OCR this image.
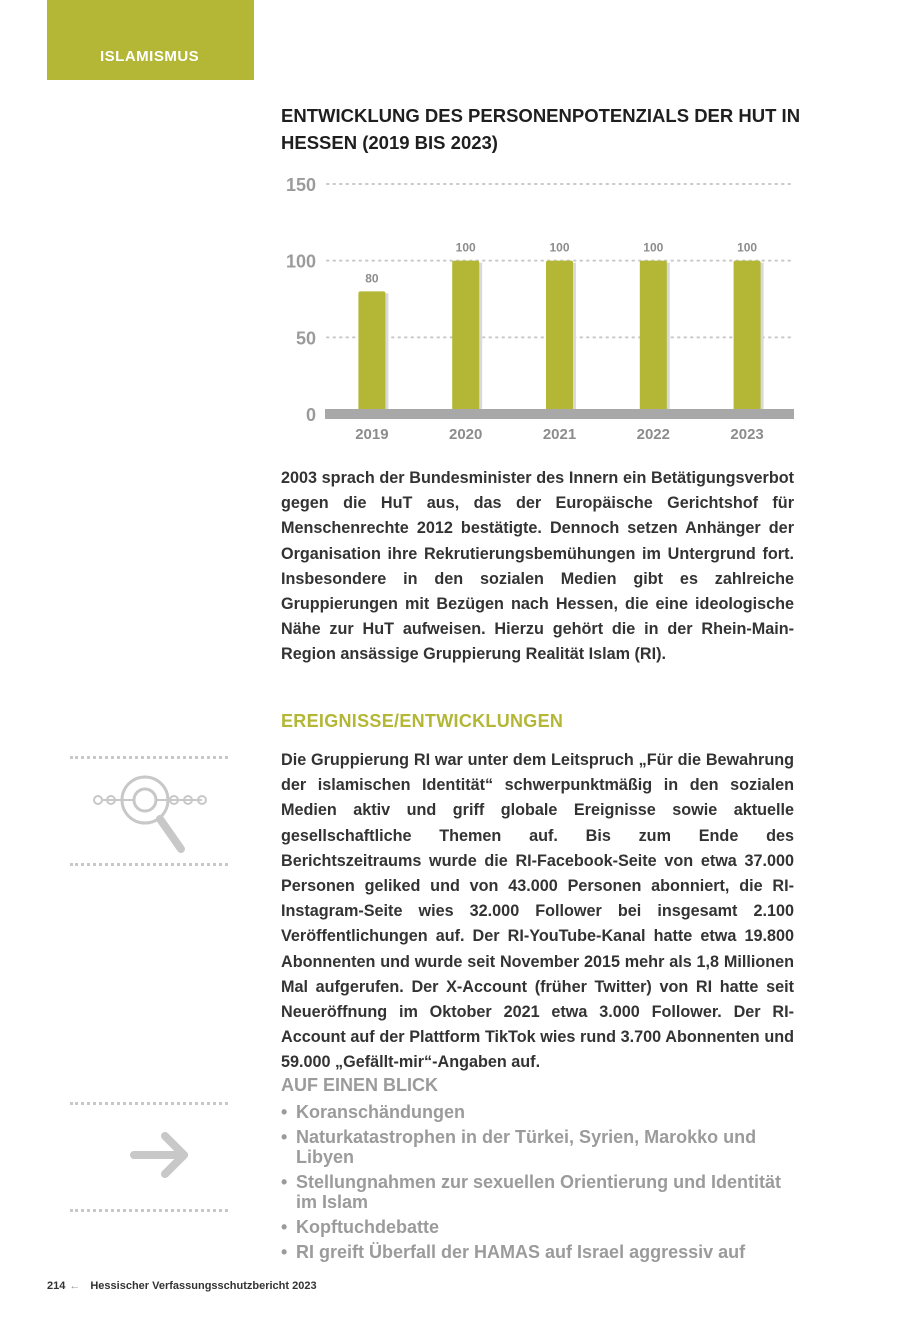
ISLAMISMUS
ENTWICKLUNG DES PERSONENPOTENZIALS DER HUT IN HESSEN (2019 BIS 2023)
0
50
100
150
80
2019
100
2020
100
2021
100
2022
100
2023

2003 sprach der Bundesminister des Innern ein Betätigungsverbot gegen die HuT aus, das der Europäische Gerichtshof für Menschenrechte 2012 bestätigte. Dennoch setzen Anhänger der Organisation ihre Rekrutierungsbemühungen im Untergrund fort. Insbesondere in den sozialen Medien gibt es zahlreiche Gruppierungen mit Bezügen nach Hessen, die eine ideologische Nähe zur HuT aufweisen. Hierzu gehört die in der Rhein-Main-Region ansässige Gruppierung Realität Islam (RI).

EREIGNISSE/ENTWICKLUNGEN

Die Gruppierung RI war unter dem Leitspruch „Für die Bewahrung der islamischen Identität“ schwerpunktmäßig in den sozialen Medien aktiv und griff globale Ereignisse sowie aktuelle gesellschaftliche Themen auf. Bis zum Ende des Berichtszeitraums wurde die RI-Facebook-Seite von etwa 37.000 Personen geliked und von 43.000 Personen abonniert, die RI-Instagram-Seite wies 32.000 Follower bei insgesamt 2.100 Veröffentlichungen auf. Der RI-YouTube-Kanal hatte etwa 19.800 Abonnenten und wurde seit November 2015 mehr als 1,8 Millionen Mal aufgerufen. Der X-Account (früher Twitter) von RI hatte seit Neueröffnung im Oktober 2021 etwa 3.000 Follower. Der RI-Account auf der Plattform TikTok wies rund 3.700 Abonnenten und 59.000 „Gefällt-mir“-Angaben auf.

AUF EINEN BLICK
• Koranschändungen
• Naturkatastrophen in der Türkei, Syrien, Marokko und Libyen
• Stellungnahmen zur sexuellen Orientierung und Identität im Islam
• Kopftuchdebatte
• RI greift Überfall der HAMAS auf Israel aggressiv auf
214 ← Hessischer Verfassungsschutzbericht 2023
